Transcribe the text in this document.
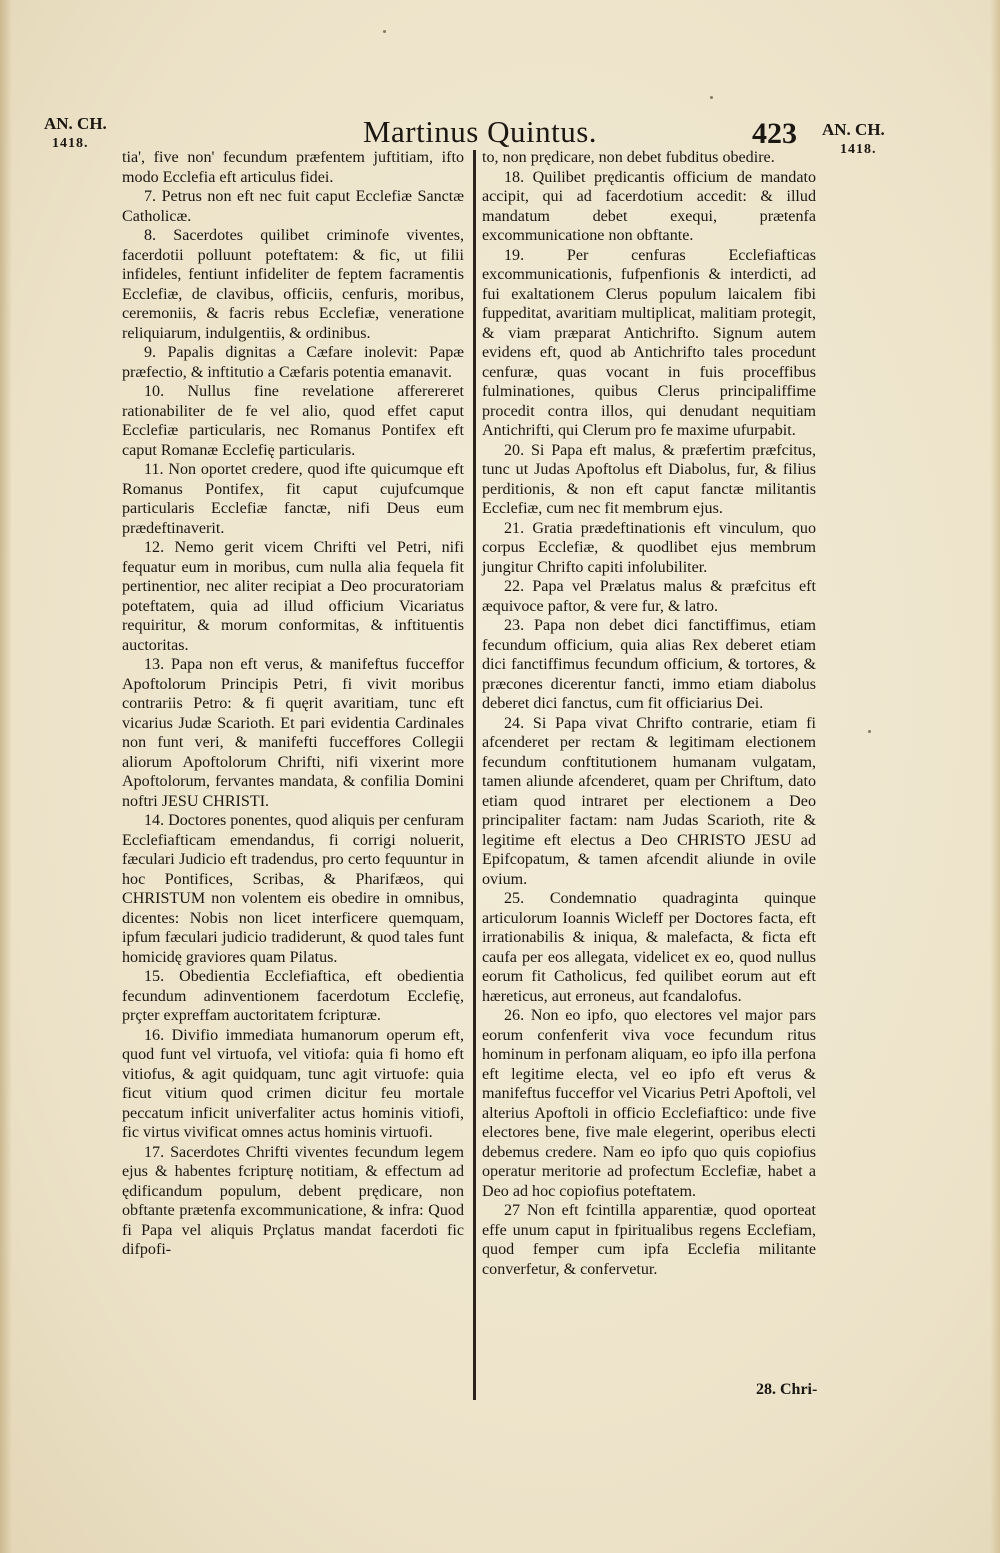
AN. CH.
1418.	Martinus Quintus.	423 AN. CH.
1418.

tia', five non' fecundum præfentem juftitiam, ifto modo Ecclefia eft articulus fidei.

7. Petrus non eft nec fuit caput Ecclefiæ Sanctæ Catholicæ.

8. Sacerdotes quilibet criminofe viventes, facerdotii polluunt poteftatem: & fic, ut filii infideles, fentiunt infideliter de feptem facramentis Ecclefiæ, de clavibus, officiis, cenfuris, moribus, ceremoniis, & facris rebus Ecclefiæ, veneratione reliquiarum, indulgentiis, & ordinibus.

9. Papalis dignitas a Cæfare inolevit: Papæ præfectio, & inftitutio a Cæfaris potentia emanavit.

10. Nullus fine revelatione afferereret rationabiliter de fe vel alio, quod effet caput Ecclefiæ particularis, nec Romanus Pontifex eft caput Romanæ Ecclefię particularis.

11. Non oportet credere, quod ifte quicumque eft Romanus Pontifex, fit caput cujufcumque particularis Ecclefiæ fanctæ, nifi Deus eum prædeftinaverit.

12. Nemo gerit vicem Chrifti vel Petri, nifi fequatur eum in moribus, cum nulla alia fequela fit pertinentior, nec aliter recipiat a Deo procuratoriam poteftatem, quia ad illud officium Vicariatus requiritur, & morum conformitas, & inftituentis auctoritas.

13. Papa non eft verus, & manifeftus fucceffor Apoftolorum Principis Petri, fi vivit moribus contrariis Petro: & fi quęrit avaritiam, tunc eft vicarius Judæ Scarioth. Et pari evidentia Cardinales non funt veri, & manifefti fucceffores Collegii aliorum Apoftolorum Chrifti, nifi vixerint more Apoftolorum, fervantes mandata, & confilia Domini noftri JESU CHRISTI.

14. Doctores ponentes, quod aliquis per cenfuram Ecclefiafticam emendandus, fi corrigi noluerit, fæculari Judicio eft tradendus, pro certo fequuntur in hoc Pontifices, Scribas, & Pharifæos, qui CHRISTUM non volentem eis obedire in omnibus, dicentes: Nobis non licet interficere quemquam, ipfum fæculari judicio tradiderunt, & quod tales funt homicidę graviores quam Pilatus.

15. Obedientia Ecclefiaftica, eft obedientia fecundum adinventionem facerdotum Ecclefię, prçter expreffam auctoritatem fcripturæ.

16. Divifio immediata humanorum operum eft, quod funt vel virtuofa, vel vitiofa: quia fi homo eft vitiofus, & agit quidquam, tunc agit virtuofe: quia ficut vitium quod crimen dicitur feu mortale peccatum inficit univerfaliter actus hominis vitiofi, fic virtus vivificat omnes actus hominis virtuofi.

17. Sacerdotes Chrifti viventes fecundum legem ejus & habentes fcripturę notitiam, & effectum ad ędificandum populum, debent prędicare, non obftante prætenfa excommunicatione, & infra: Quod fi Papa vel aliquis Prçlatus mandat facerdoti fic difpofi-

to, non prędicare, non debet fubditus obedire.

18. Quilibet prędicantis officium de mandato accipit, qui ad facerdotium accedit: & illud mandatum debet exequi, prætenfa excommunicatione non obftante.

19. Per cenfuras Ecclefiafticas excommunicationis, fufpenfionis & interdicti, ad fui exaltationem Clerus populum laicalem fibi fuppeditat, avaritiam multiplicat, malitiam protegit, & viam præparat Antichrifto. Signum autem evidens eft, quod ab Antichrifto tales procedunt cenfuræ, quas vocant in fuis proceffibus fulminationes, quibus Clerus principaliffime procedit contra illos, qui denudant nequitiam Antichrifti, qui Clerum pro fe maxime ufurpabit.

20. Si Papa eft malus, & præfertim præfcitus, tunc ut Judas Apoftolus eft Diabolus, fur, & filius perditionis, & non eft caput fanctæ militantis Ecclefiæ, cum nec fit membrum ejus.

21. Gratia prædeftinationis eft vinculum, quo corpus Ecclefiæ, & quodlibet ejus membrum jungitur Chrifto capiti infolubiliter.

22. Papa vel Prælatus malus & præfcitus eft æquivoce paftor, & vere fur, & latro.

23. Papa non debet dici fanctiffimus, etiam fecundum officium, quia alias Rex deberet etiam dici fanctiffimus fecundum officium, & tortores, & præcones dicerentur fancti, immo etiam diabolus deberet dici fanctus, cum fit officiarius Dei.

24. Si Papa vivat Chrifto contrarie, etiam fi afcenderet per rectam & legitimam electionem fecundum conftitutionem humanam vulgatam, tamen aliunde afcenderet, quam per Chriftum, dato etiam quod intraret per electionem a Deo principaliter factam: nam Judas Scarioth, rite & legitime eft electus a Deo CHRISTO JESU ad Epifcopatum, & tamen afcendit aliunde in ovile ovium.

25. Condemnatio quadraginta quinque articulorum Ioannis Wicleff per Doctores facta, eft irrationabilis & iniqua, & malefacta, & ficta eft caufa per eos allegata, videlicet ex eo, quod nullus eorum fit Catholicus, fed quilibet eorum aut eft hæreticus, aut erroneus, aut fcandalofus.

26. Non eo ipfo, quo electores vel major pars eorum confenferit viva voce fecundum ritus hominum in perfonam aliquam, eo ipfo illa perfona eft legitime electa, vel eo ipfo eft verus & manifeftus fucceffor vel Vicarius Petri Apoftoli, vel alterius Apoftoli in officio Ecclefiaftico: unde five electores bene, five male elegerint, operibus electi debemus credere. Nam eo ipfo quo quis copiofius operatur meritorie ad profectum Ecclefiæ, habet a Deo ad hoc copiofius poteftatem.

27 Non eft fcintilla apparentiæ, quod oporteat effe unum caput in fpiritualibus regens Ecclefiam, quod femper cum ipfa Ecclefia militante converfetur, & confervetur.

28. Chri-
